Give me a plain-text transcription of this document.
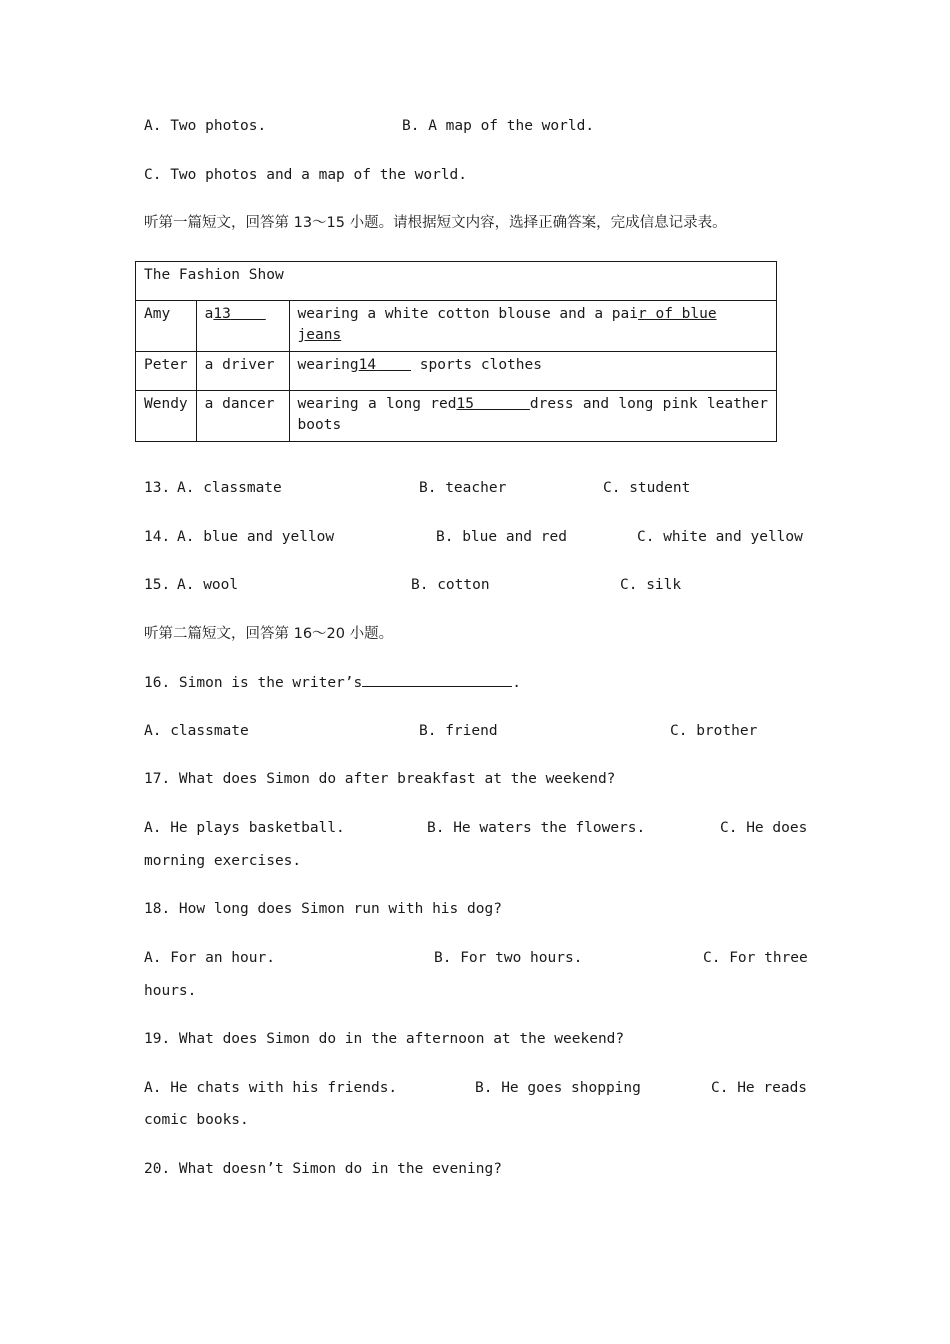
A. Two photos.	B. A map of the world.
C. Two photos and a map of the world.
听第一篇短文，回答第 13～15 小题。请根据短文内容，选择正确答案，完成信息记录表。
The Fashion Show		
Amy	a13	wearing a white cotton blouse and a pair of blue jeans
Peter	a driver	wearing14     sports clothes
Wendy	a dancer	wearing a long red15 dress and long pink leather
boots
13. A. classmate	B. teacher	C. student
14. A. blue and yellow	B. blue and red	C. white and yellow
15. A. wool	B. cotton	C. silk
听第二篇短文，回答第 16～20 小题。
16. Simon is the writer’s	.
A. classmate	B. friend	C. brother
17. What does Simon do after breakfast at the weekend?
A. He plays basketball.	B. He waters the flowers.	C. He does
morning exercises.
18. How long does Simon run with his dog?
A. For an hour.	B. For two hours.	C. For three
hours.
19. What does Simon do in the afternoon at the weekend?
A. He chats with his friends.	B. He goes shopping	C. He reads
comic books.
20. What doesn’t Simon do in the evening?
